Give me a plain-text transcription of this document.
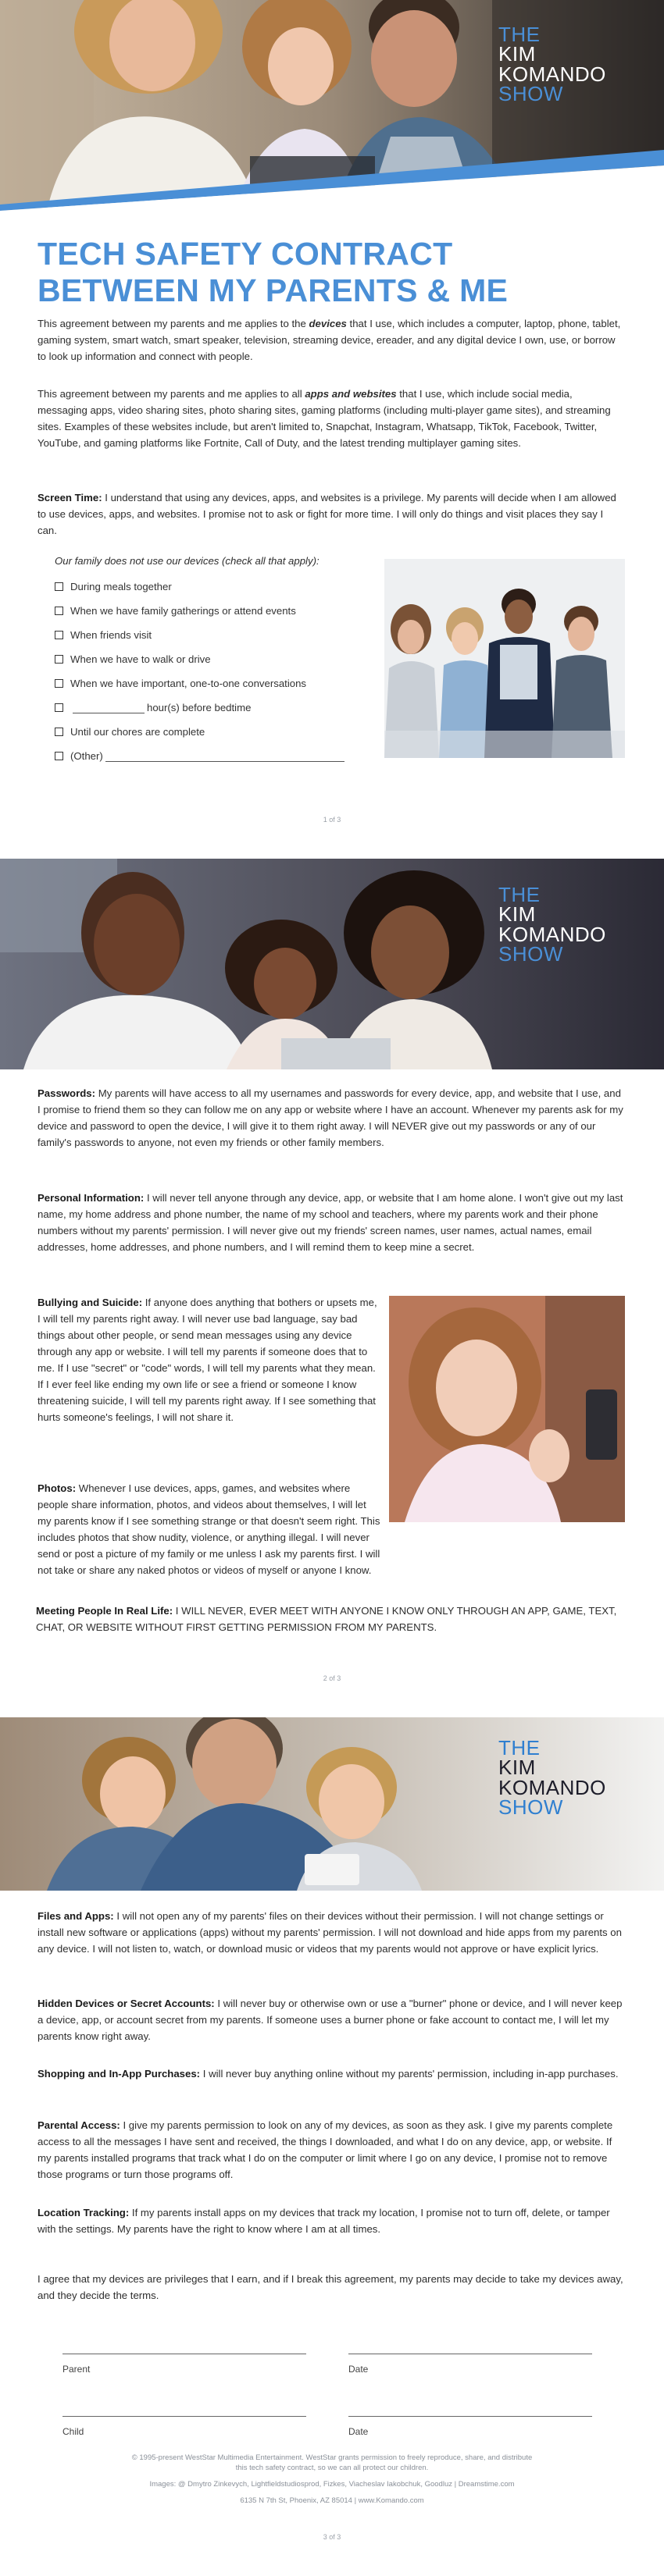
THE
KIM
KOMANDO
SHOW
TECH SAFETY CONTRACT
BETWEEN MY PARENTS & ME

This agreement between my parents and me applies to the devices that I use, which includes a computer, laptop, phone, tablet, gaming system, smart watch, smart speaker, television, streaming device, ereader, and any digital device I own, use, or borrow to look up information and connect with people.

This agreement between my parents and me applies to all apps and websites that I use, which include social media, messaging apps, video sharing sites, photo sharing sites, gaming platforms (including multi-player game sites), and streaming sites. Examples of these websites include, but aren't limited to, Snapchat, Instagram, Whatsapp, TikTok, Facebook, Twitter, YouTube, and gaming platforms like Fortnite, Call of Duty, and the latest trending multiplayer gaming sites.

Screen Time: I understand that using any devices, apps, and websites is a privilege. My parents will decide when I am allowed to use devices, apps, and websites. I promise not to ask or fight for more time. I will only do things and visit places they say I can.

Our family does not use our devices (check all that apply):
During meals together
When we have family gatherings or attend events
When friends visit
When we have to walk or drive
When we have important, one-to-one conversations
hour(s) before bedtime
Until our chores are complete
(Other)
1 of 3
THE
KIM
KOMANDO
SHOW

Passwords: My parents will have access to all my usernames and passwords for every device, app, and website that I use, and I promise to friend them so they can follow me on any app or website where I have an account. Whenever my parents ask for my device and password to open the device, I will give it to them right away. I will NEVER give out my passwords or any of our family's passwords to anyone, not even my friends or other family members.

Personal Information: I will never tell anyone through any device, app, or website that I am home alone. I won't give out my last name, my home address and phone number, the name of my school and teachers, where my parents work and their phone numbers without my parents' permission. I will never give out my friends' screen names, user names, actual names, email addresses, home addresses, and phone numbers, and I will remind them to keep mine a secret.

Bullying and Suicide: If anyone does anything that bothers or upsets me, I will tell my parents right away. I will never use bad language, say bad things about other people, or send mean messages using any device through any app or website. I will tell my parents if someone does that to me. If I use "secret" or "code" words, I will tell my parents what they mean. If I ever feel like ending my own life or see a friend or someone I know threatening suicide, I will tell my parents right away. If I see something that hurts someone's feelings, I will not share it.

Photos: Whenever I use devices, apps, games, and websites where people share information, photos, and videos about themselves, I will let my parents know if I see something strange or that doesn't seem right. This includes photos that show nudity, violence, or anything illegal. I will never send or post a picture of my family or me unless I ask my parents first. I will not take or share any naked photos or videos of myself or anyone I know.

Meeting People In Real Life: I WILL NEVER, EVER MEET WITH ANYONE I KNOW ONLY THROUGH AN APP, GAME, TEXT, CHAT, OR WEBSITE WITHOUT FIRST GETTING PERMISSION FROM MY PARENTS.

2 of 3
THE
KIM
KOMANDO
SHOW

Files and Apps: I will not open any of my parents' files on their devices without their permission. I will not change settings or install new software or applications (apps) without my parents' permission. I will not download and hide apps from my parents on any device. I will not listen to, watch, or download music or videos that my parents would not approve or have explicit lyrics.

Hidden Devices or Secret Accounts: I will never buy or otherwise own or use a "burner" phone or device, and I will never keep a device, app, or account secret from my parents. If someone uses a burner phone or fake account to contact me, I will let my parents know right away.

Shopping and In-App Purchases: I will never buy anything online without my parents' permission, including in-app purchases.

Parental Access: I give my parents permission to look on any of my devices, as soon as they ask. I give my parents complete access to all the messages I have sent and received, the things I downloaded, and what I do on any device, app, or website. If my parents installed programs that track what I do on the computer or limit where I go on any device, I promise not to remove those programs or turn those programs off.

Location Tracking: If my parents install apps on my devices that track my location, I promise not to turn off, delete, or tamper with the settings. My parents have the right to know where I am at all times.

I agree that my devices are privileges that I earn, and if I break this agreement, my parents may decide to take my devices away, and they decide the terms.

Parent	Date
Child	Date
© 1995-present WestStar Multimedia Entertainment. WestStar grants permission to freely reproduce, share, and distribute
this tech safety contract, so we can all protect our children.
Images: @ Dmytro Zinkevych, Lightfieldstudiosprod, Fizkes, Viacheslav Iakobchuk, Goodluz | Dreamstime.com
6135 N 7th St, Phoenix, AZ 85014 | www.Komando.com
3 of 3
